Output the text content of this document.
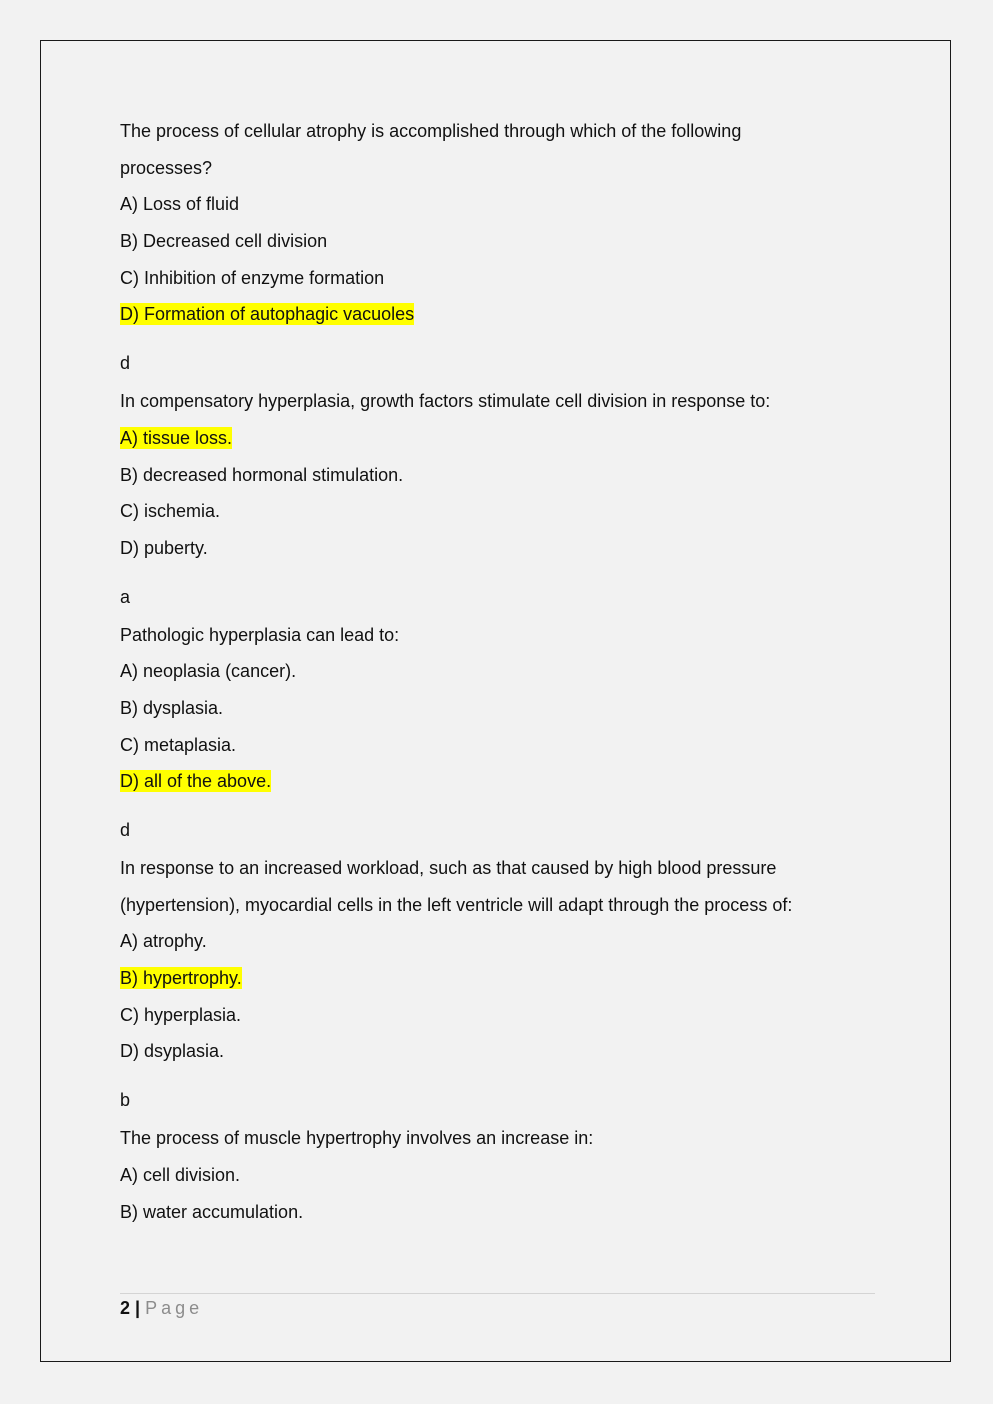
The process of cellular atrophy is accomplished through which of the following
processes?
A) Loss of fluid
B) Decreased cell division
C) Inhibition of enzyme formation
D) Formation of autophagic vacuoles
d
In compensatory hyperplasia, growth factors stimulate cell division in response to:
A) tissue loss.
B) decreased hormonal stimulation.
C) ischemia.
D) puberty.
a
Pathologic hyperplasia can lead to:
A) neoplasia (cancer).
B) dysplasia.
C) metaplasia.
D) all of the above.
d
In response to an increased workload, such as that caused by high blood pressure
(hypertension), myocardial cells in the left ventricle will adapt through the process of:
A) atrophy.
B) hypertrophy.
C) hyperplasia.
D) dsyplasia.
b
The process of muscle hypertrophy involves an increase in:
A) cell division.
B) water accumulation.
2 | Page
